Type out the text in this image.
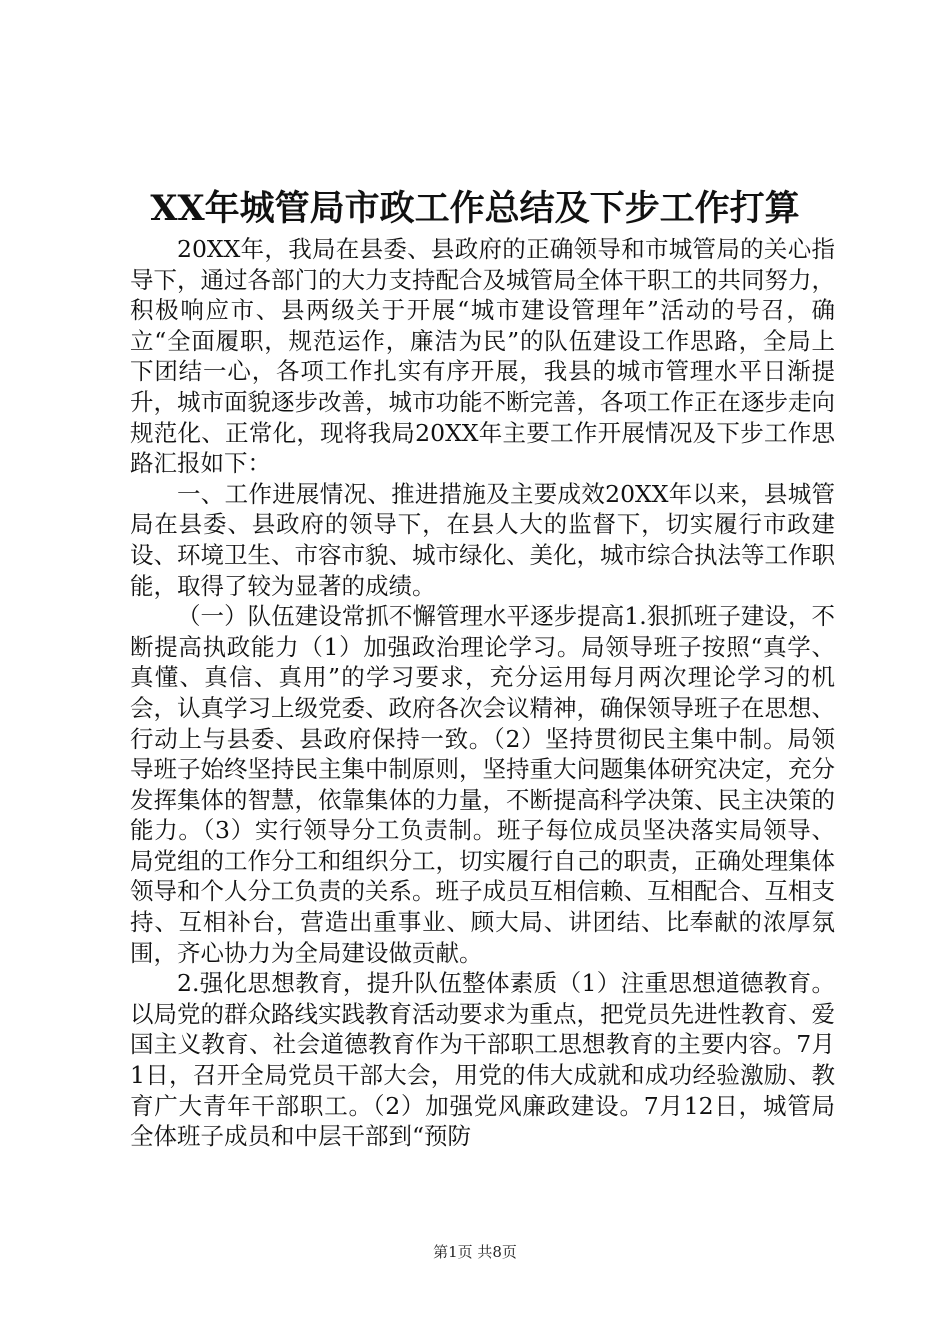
XX年城管局市政工作总结及下步工作打算

20XX年，我局在县委、县政府的正确领导和市城管局的关心指导下，通过各部门的大力支持配合及城管局全体干职工的共同努力，积极响应市、县两级关于开展“城市建设管理年”活动的号召，确立“全面履职，规范运作，廉洁为民”的队伍建设工作思路，全局上下团结一心，各项工作扎实有序开展，我县的城市管理水平日渐提升，城市面貌逐步改善，城市功能不断完善，各项工作正在逐步走向规范化、正常化，现将我局20XX年主要工作开展情况及下步工作思路汇报如下：

一、工作进展情况、推进措施及主要成效20XX年以来，县城管局在县委、县政府的领导下，在县人大的监督下，切实履行市政建设、环境卫生、市容市貌、城市绿化、美化，城市综合执法等工作职能，取得了较为显著的成绩。

（一）队伍建设常抓不懈管理水平逐步提高1.狠抓班子建设，不断提高执政能力（1）加强政治理论学习。局领导班子按照“真学、真懂、真信、真用”的学习要求，充分运用每月两次理论学习的机会，认真学习上级党委、政府各次会议精神，确保领导班子在思想、行动上与县委、县政府保持一致。（2）坚持贯彻民主集中制。局领导班子始终坚持民主集中制原则，坚持重大问题集体研究决定，充分发挥集体的智慧，依靠集体的力量，不断提高科学决策、民主决策的能力。（3）实行领导分工负责制。班子每位成员坚决落实局领导、局党组的工作分工和组织分工，切实履行自己的职责，正确处理集体领导和个人分工负责的关系。班子成员互相信赖、互相配合、互相支持、互相补台，营造出重事业、顾大局、讲团结、比奉献的浓厚氛围，齐心协力为全局建设做贡献。

2.强化思想教育，提升队伍整体素质（1）注重思想道德教育。以局党的群众路线实践教育活动要求为重点，把党员先进性教育、爱国主义教育、社会道德教育作为干部职工思想教育的主要内容。7月1日，召开全局党员干部大会，用党的伟大成就和成功经验激励、教育广大青年干部职工。（2）加强党风廉政建设。7月12日，城管局全体班子成员和中层干部到“预防

第1页 共8页
